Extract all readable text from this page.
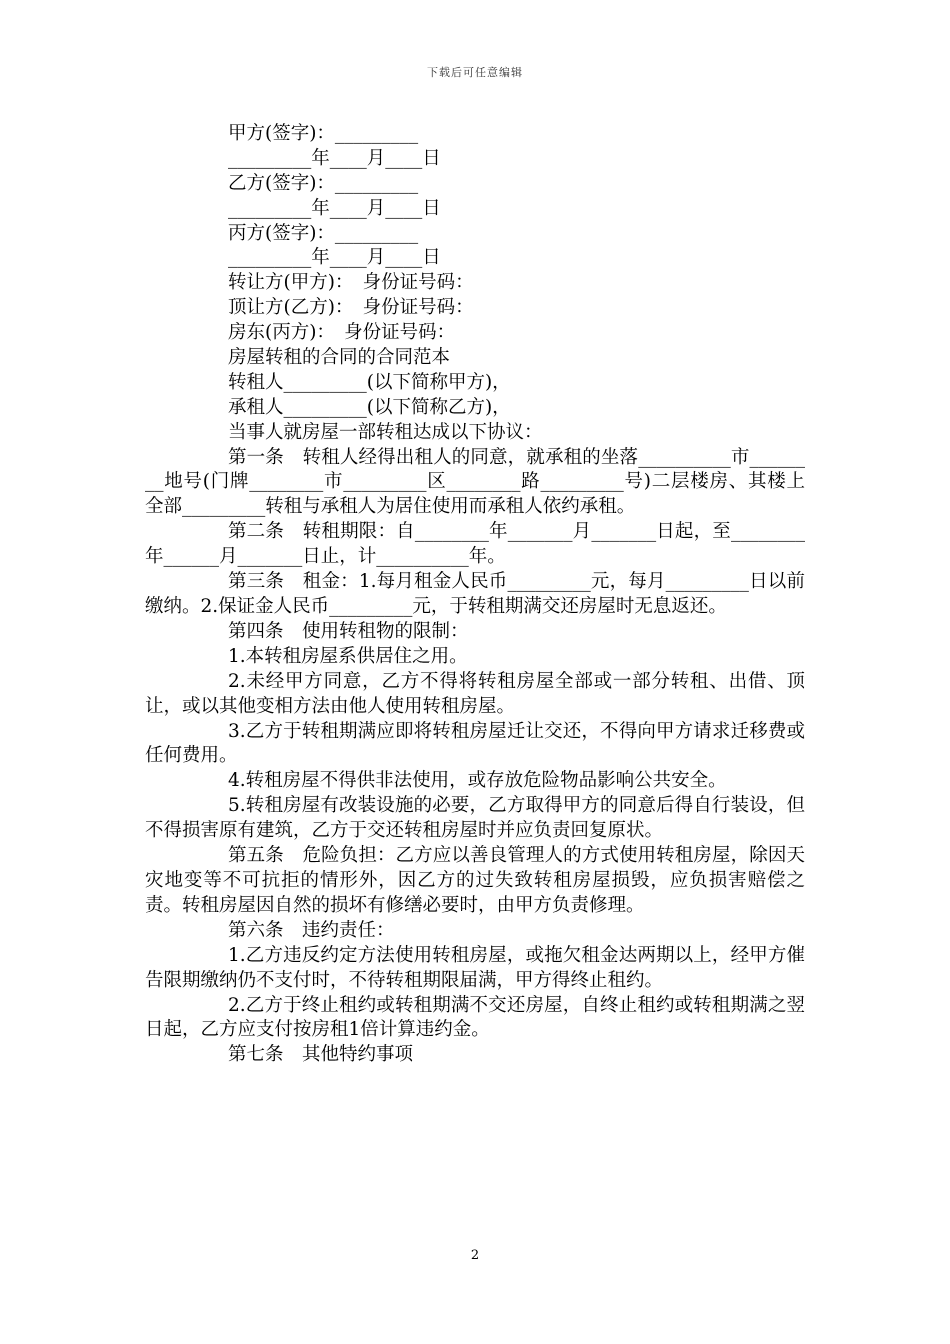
下载后可任意编辑
甲方(签字)：_________
_________年____月____日
乙方(签字)：_________
_________年____月____日
丙方(签字)：_________
_________年____月____日
转让方(甲方)：　身份证号码：
顶让方(乙方)：　身份证号码：
房东(丙方)：　身份证号码：
房屋转租的合同的合同范本
转租人_________(以下简称甲方)，
承租人_________(以下简称乙方)，
当事人就房屋一部转租达成以下协议：
第一条　转租人经得出租人的同意，就承租的坐落__________市________地号(门牌________市_________区________路_________号)二层楼房、其楼上全部_________转租与承租人为居住使用而承租人依约承租。
第二条　转租期限：自________年_______月_______日起，至________年______月_______日止，计__________年。
第三条　租金：1.每月租金人民币_________元，每月_________日以前缴纳。2.保证金人民币_________元，于转租期满交还房屋时无息返还。
第四条　使用转租物的限制：
1.本转租房屋系供居住之用。
2.未经甲方同意，乙方不得将转租房屋全部或一部分转租、出借、顶让，或以其他变相方法由他人使用转租房屋。
3.乙方于转租期满应即将转租房屋迁让交还，不得向甲方请求迁移费或任何费用。
4.转租房屋不得供非法使用，或存放危险物品影响公共安全。
5.转租房屋有改装设施的必要，乙方取得甲方的同意后得自行装设，但不得损害原有建筑，乙方于交还转租房屋时并应负责回复原状。
第五条　危险负担：乙方应以善良管理人的方式使用转租房屋，除因天灾地变等不可抗拒的情形外，因乙方的过失致转租房屋损毁，应负损害赔偿之责。转租房屋因自然的损坏有修缮必要时，由甲方负责修理。
第六条　违约责任：
1.乙方违反约定方法使用转租房屋，或拖欠租金达两期以上，经甲方催告限期缴纳仍不支付时，不待转租期限届满，甲方得终止租约。
2.乙方于终止租约或转租期满不交还房屋，自终止租约或转租期满之翌日起，乙方应支付按房租1倍计算违约金。
第七条　其他特约事项
2
